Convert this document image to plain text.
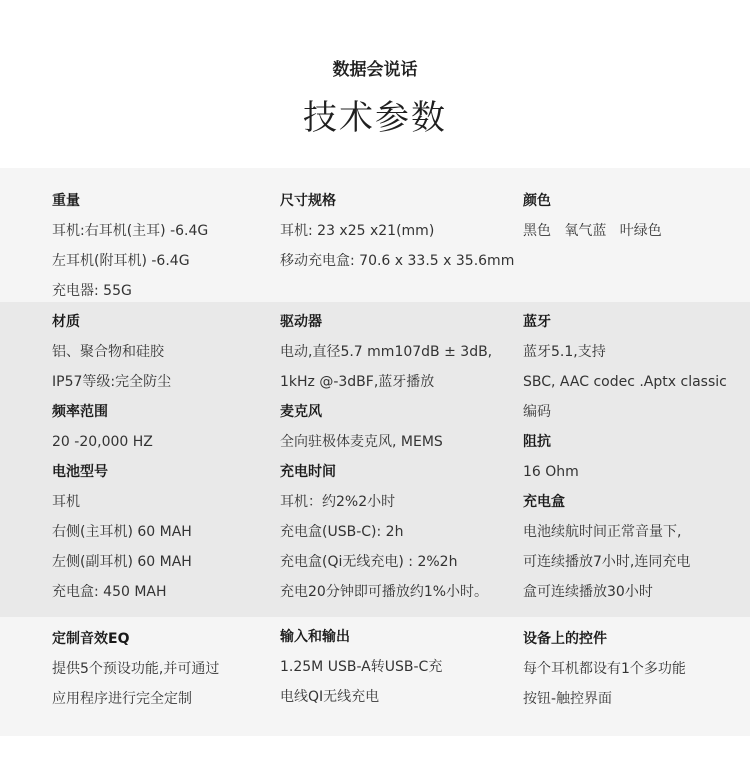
数据会说话
技术参数
重量
耳机:右耳机(主耳) -6.4G
左耳机(附耳机) -6.4G
充电器: 55G
尺寸规格
耳机: 23 x25 x21(mm)
移动充电盒: 70.6 x 33.5 x 35.6mm
颜色
黑色   氧气蓝   叶绿色
材质
铝、聚合物和硅胶
IP57等级:完全防尘
频率范围
20 -20,000 HZ
电池型号
耳机
右侧(主耳机) 60 MAH
左侧(副耳机) 60 MAH
充电盒: 450 MAH
驱动器
电动,直径5.7 mm107dB ± 3dB,
1kHz @-3dBF,蓝牙播放
麦克风
全向驻极体麦克风, MEMS
充电时间
耳机：约2%2小时
充电盒(USB-C): 2h
充电盒(Qi无线充电) : 2%2h
充电20分钟即可播放约1%小时。
蓝牙
蓝牙5.1,支持
SBC, AAC codec .Aptx classic
编码
阻抗
16 Ohm
充电盒
电池续航时间正常音量下,
可连续播放7小时,连同充电
盒可连续播放30小时
定制音效EQ
提供5个预设功能,并可通过
应用程序进行完全定制
输入和输出
1.25M USB-A转USB-C充
电线QI无线充电
设备上的控件
每个耳机都设有1个多功能
按钮-触控界面
